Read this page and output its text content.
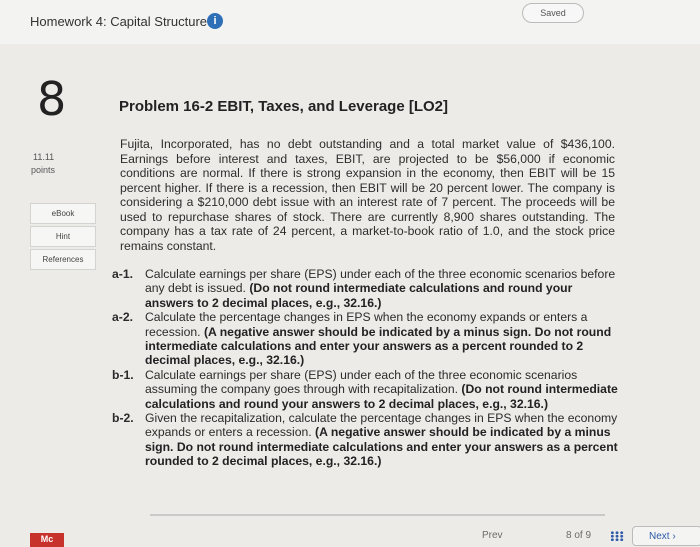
Homework 4: Capital Structure i
Saved
8
11.11
points
eBook
Hint
References
Problem 16-2 EBIT, Taxes, and Leverage [LO2]
Fujita, Incorporated, has no debt outstanding and a total market value of $436,100. Earnings before interest and taxes, EBIT, are projected to be $56,000 if economic conditions are normal. If there is strong expansion in the economy, then EBIT will be 15 percent higher. If there is a recession, then EBIT will be 20 percent lower. The company is considering a $210,000 debt issue with an interest rate of 7 percent. The proceeds will be used to repurchase shares of stock. There are currently 8,900 shares outstanding. The company has a tax rate of 24 percent, a market-to-book ratio of 1.0, and the stock price remains constant.
a-1. Calculate earnings per share (EPS) under each of the three economic scenarios before any debt is issued. (Do not round intermediate calculations and round your answers to 2 decimal places, e.g., 32.16.)
a-2. Calculate the percentage changes in EPS when the economy expands or enters a recession. (A negative answer should be indicated by a minus sign. Do not round intermediate calculations and enter your answers as a percent rounded to 2 decimal places, e.g., 32.16.)
b-1. Calculate earnings per share (EPS) under each of the three economic scenarios assuming the company goes through with recapitalization. (Do not round intermediate calculations and round your answers to 2 decimal places, e.g., 32.16.)
b-2. Given the recapitalization, calculate the percentage changes in EPS when the economy expands or enters a recession. (A negative answer should be indicated by a minus sign. Do not round intermediate calculations and enter your answers as a percent rounded to 2 decimal places, e.g., 32.16.)
Mc	Prev	8 of 9	Next ›
